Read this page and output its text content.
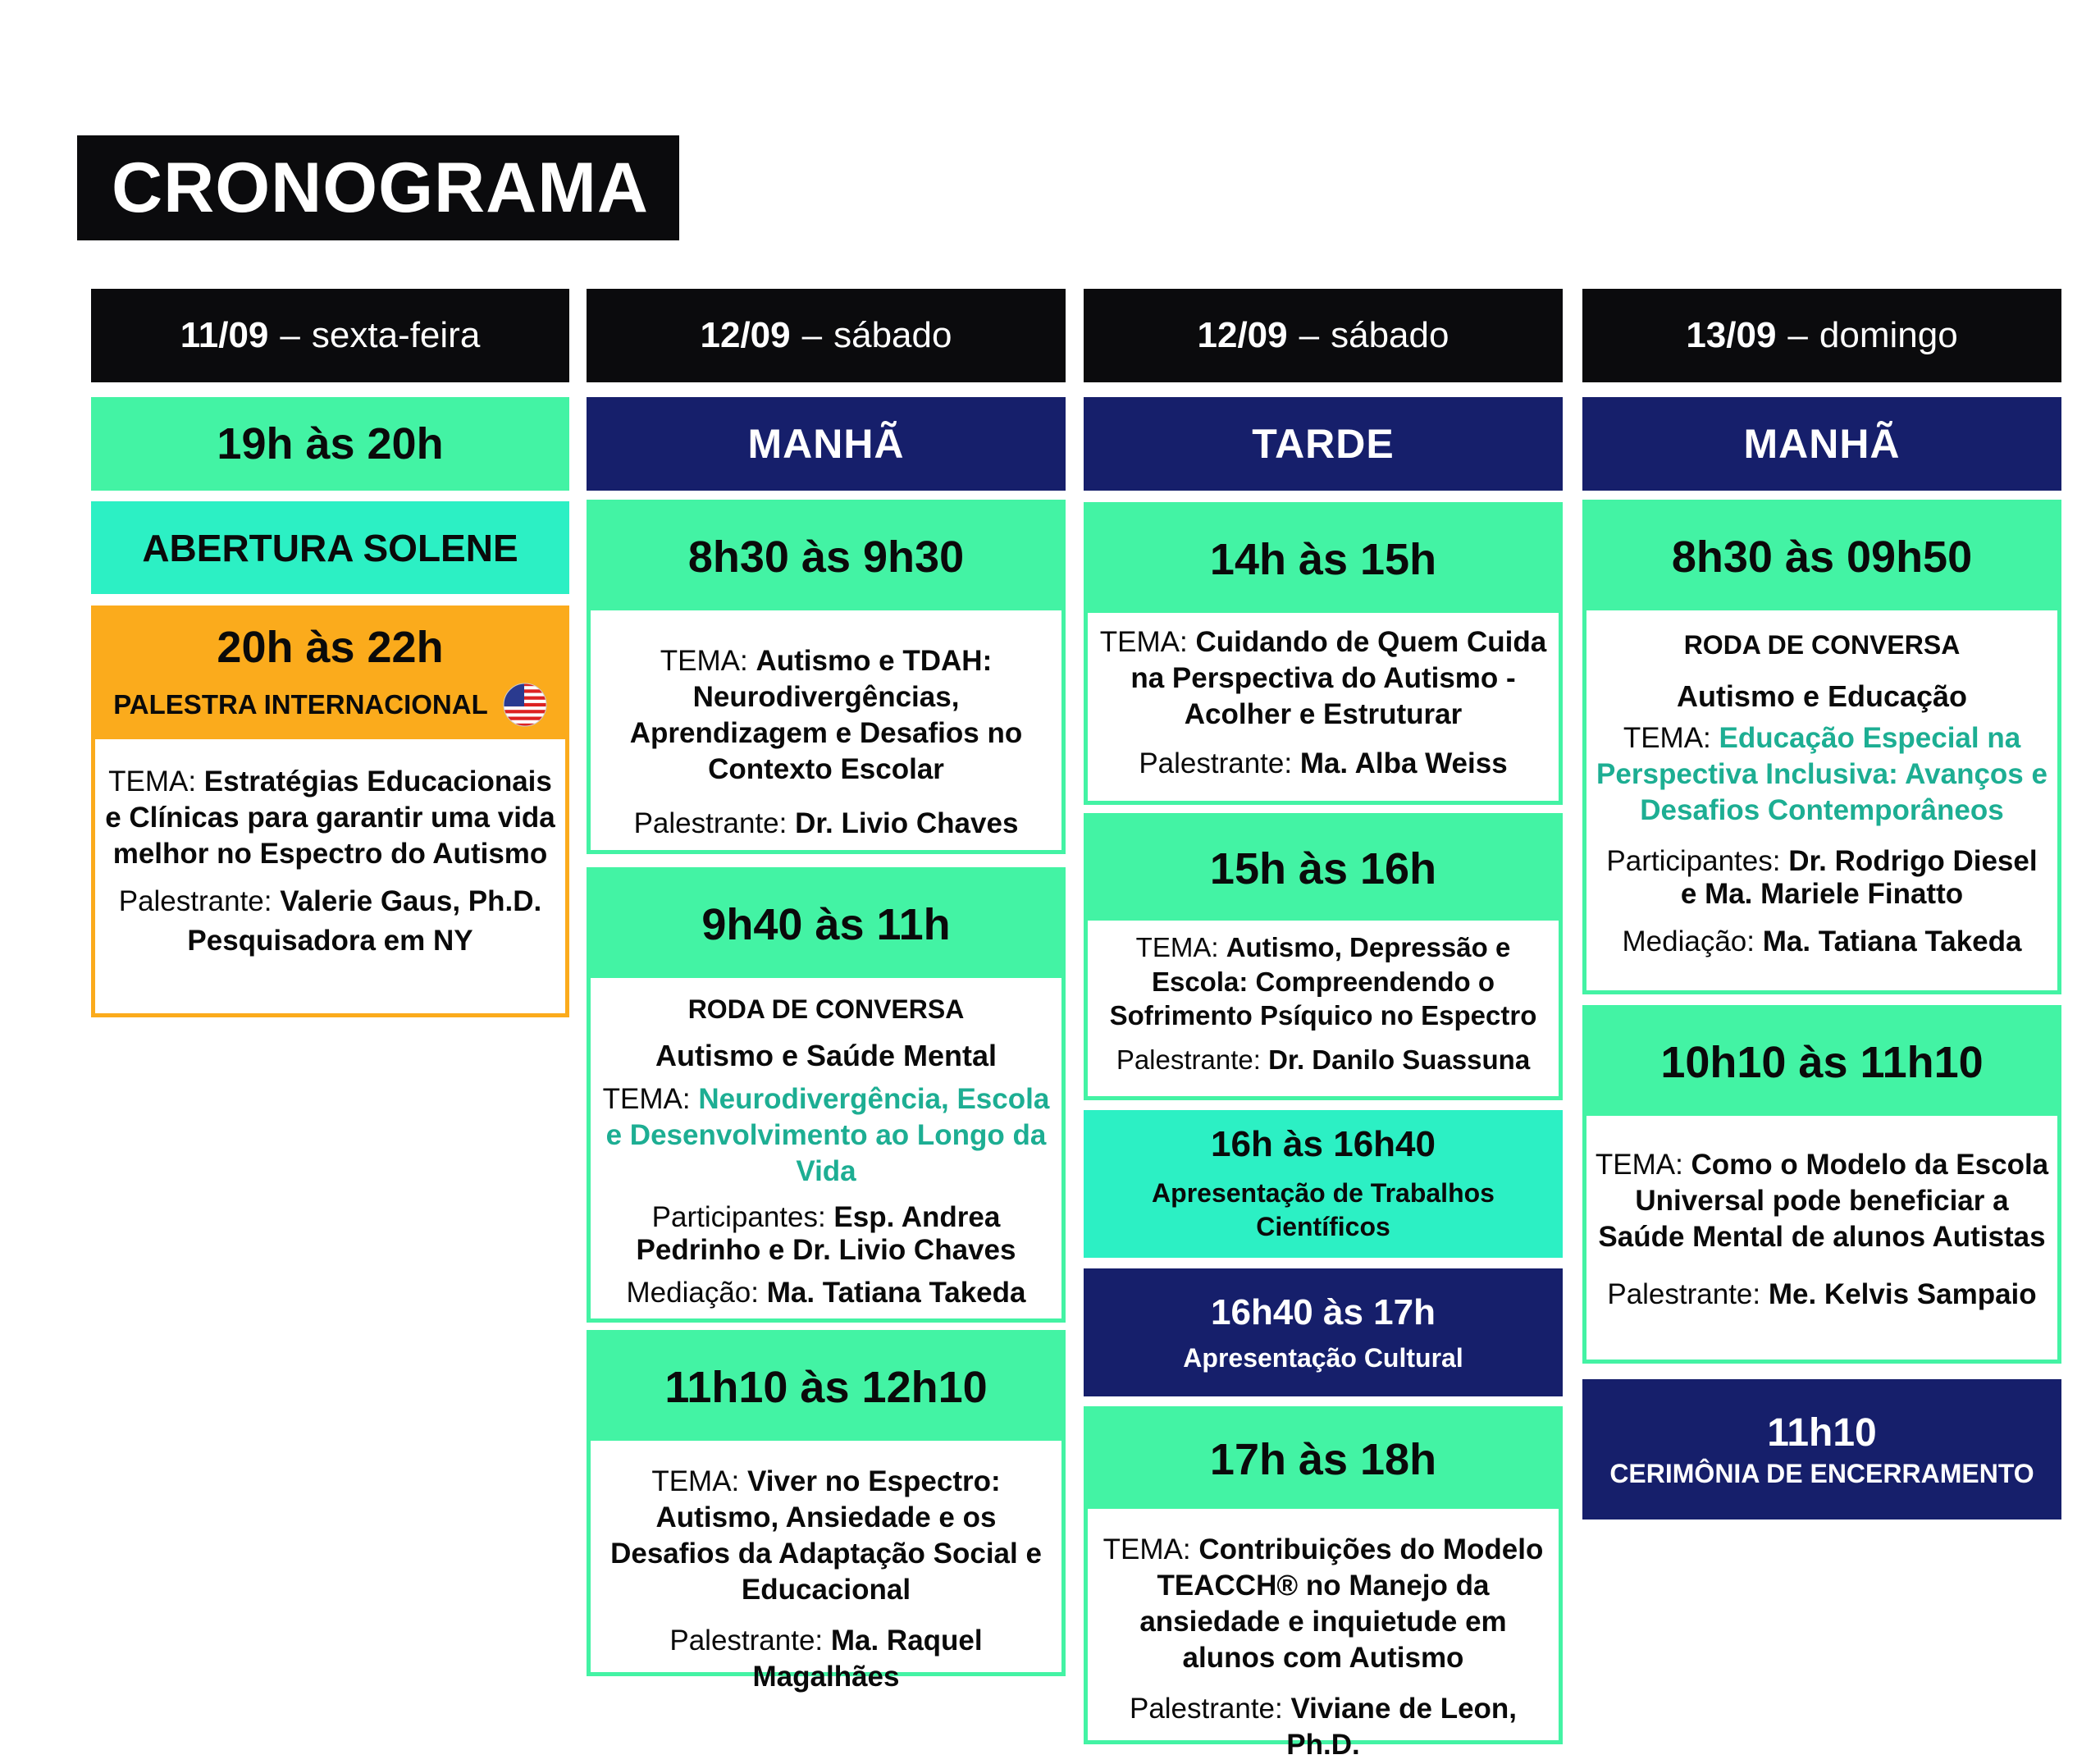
CRONOGRAMA
11/09 – sexta-feira	12/09 – sábado	12/09 – sábado	13/09 – domingo
19h às 20h
ABERTURA SOLENE
20h às 22h
PALESTRA INTERNACIONAL

TEMA: Estratégias Educacionais e Clínicas para garantir uma vida melhor no Espectro do Autismo

Palestrante: Valerie Gaus, Ph.D.

Pesquisadora em NY

MANHÃ
8h30 às 9h30

TEMA: Autismo e TDAH: Neurodivergências, Aprendizagem e Desafios no Contexto Escolar

Palestrante: Dr. Livio Chaves

9h40 às 11h

RODA DE CONVERSA

Autismo e Saúde Mental

TEMA: Neurodivergência, Escola e Desenvolvimento ao Longo da Vida

Participantes: Esp. Andrea Pedrinho e Dr. Livio Chaves

Mediação: Ma. Tatiana Takeda

11h10 às 12h10

TEMA: Viver no Espectro: Autismo, Ansiedade e os Desafios da Adaptação Social e Educacional

Palestrante: Ma. Raquel Magalhães

TARDE
14h às 15h

TEMA: Cuidando de Quem Cuida na Perspectiva do Autismo - Acolher e Estruturar

Palestrante: Ma. Alba Weiss

15h às 16h

TEMA: Autismo, Depressão e Escola: Compreendendo o Sofrimento Psíquico no Espectro

Palestrante: Dr. Danilo Suassuna

16h às 16h40
Apresentação de Trabalhos Científicos
16h40 às 17h
Apresentação Cultural
17h às 18h

TEMA: Contribuições do Modelo TEACCH® no Manejo da ansiedade e inquietude em alunos com Autismo

Palestrante: Viviane de Leon, Ph.D.

MANHÃ
8h30 às 09h50

RODA DE CONVERSA

Autismo e Educação

TEMA: Educação Especial na Perspectiva Inclusiva: Avanços e Desafios Contemporâneos

Participantes: Dr. Rodrigo Diesel e Ma. Mariele Finatto

Mediação: Ma. Tatiana Takeda

10h10 às 11h10

TEMA: Como o Modelo da Escola Universal pode beneficiar a Saúde Mental de alunos Autistas

Palestrante: Me. Kelvis Sampaio

11h10
CERIMÔNIA DE ENCERRAMENTO
